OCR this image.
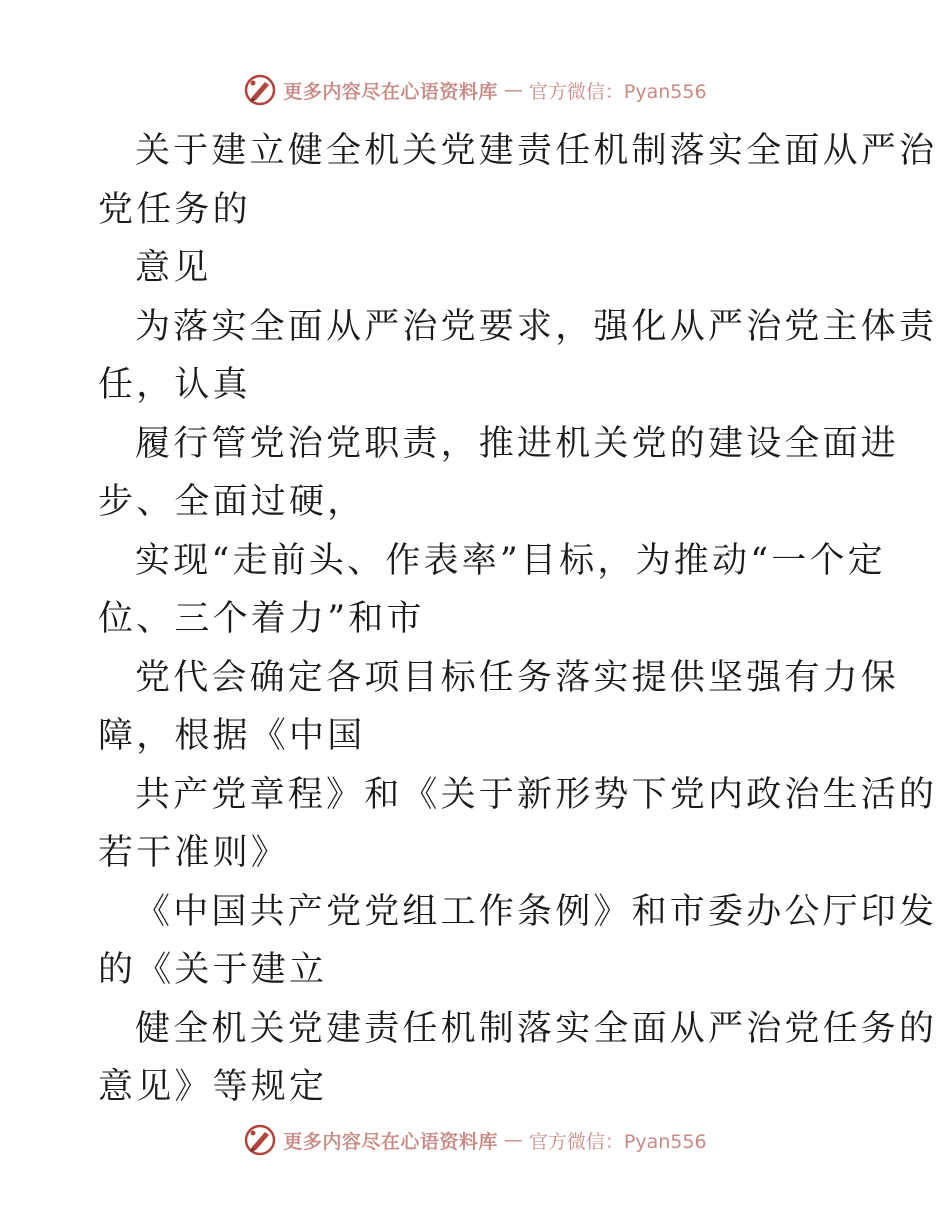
更多内容尽在心语资料库 — 官方微信：Pyan556
关于建立健全机关党建责任机制落实全面从严治
党任务的
意见
为落实全面从严治党要求，强化从严治党主体责
任，认真
履行管党治党职责，推进机关党的建设全面进
步、全面过硬，
实现“走前头、作表率”目标，为推动“一个定
位、三个着力”和市
党代会确定各项目标任务落实提供坚强有力保
障，根据《中国
共产党章程》和《关于新形势下党内政治生活的
若干准则》
《中国共产党党组工作条例》和市委办公厅印发
的《关于建立
健全机关党建责任机制落实全面从严治党任务的
意见》等规定
更多内容尽在心语资料库 — 官方微信：Pyan556
